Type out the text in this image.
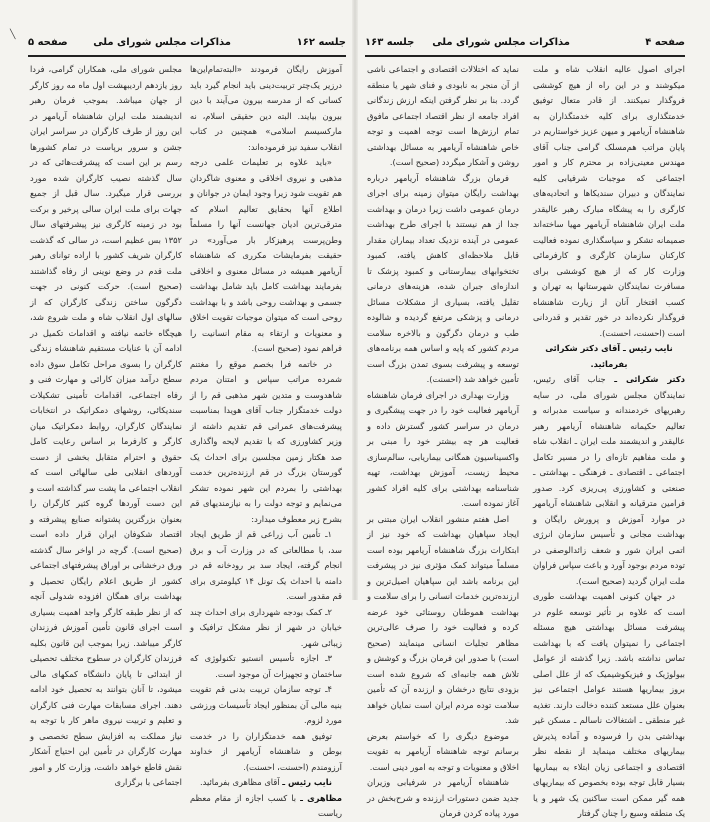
جلسه ۱۶۲
مذاکرات مجلس شورای ملی
صفحه ۵

آموزش رایگان فرمودند «البته‌تمام‌این‌ها درزیر یک‌چتر تربیت‌دینی باید انجام گیرد باید کسانی که از مدرسه بیرون می‌آیند با دین بیرون بیایند. البته دین حقیقی اسلام، نه مارکسیسم اسلامی» همچنین در کتاب انقلاب سفید نیز فرموده‌اند:

«باید علاوه بر تعلیمات علمی درجه مذهبی و نیروی اخلاقی و معنوی شاگردان هم تقویت شود زیرا وجود ایمان در جوانان و اطلاع آنها بحقایق تعالیم اسلام که مترقی‌ترین ادیان جهانست آنها را مسلماً وطن‌پرست پرهیزکار بار می‌آورد» در حقیقت بفرمایشات مکرری که شاهنشاه آریامهر همیشه در مسائل معنوی و اخلاقی بفرمایند بهداشت کامل باید شامل بهداشت جسمی و بهداشت روحی باشد و با بهداشت روحی است که میتوان موجبات تقویت اخلاق و معنویات و ارتقاء به مقام انسانیت را فراهم نمود (صحیح است).

در خاتمه فرا بخصم موقع را مغتنم شمرده مراتب سپاس و امتنان مردم شاهدوست و متدین شهر مذهبی قم را از دولت خدمتگزار جناب آقای هویدا بمناسبت پیشرفت‌های عمرانی قم تقدیم داشته از وزیر کشاورزی که با تقدیم لایحه واگذاری صد هکتار زمین مجلسین برای احداث یک گورستان بزرگ در قم ارزنده‌ترین خدمت بهداشتی را بمردم این شهر نموده تشکر می‌نمایم و توجه دولت را به نیازمندیهای قم بشرح زیر معطوف میدارد:

۱ـ تأمین آب زراعی قم از طریق ایجاد سد، با مطالعاتی که در وزارت آب و برق انجام گرفته، ایجاد سد بر رودخانه قم در دامنه با احداث یک تونل ۱۴ کیلومتری برای قم مقدور است.

۲ـ کمک بودجه شهرداری برای احداث چند خیابان در شهر از نظر مشکل ترافیک و زیبائی شهر.

۳ـ اجازه تأسیس انستیو تکنولوژی که ساختمان و تجهیزات آن موجود است.

۴ـ توجه سازمان تربیت بدنی قم تقویت بنیه مالی آن بمنظور ایجاد تأسیسات ورزشی مورد لزوم.

توفیق همه خدمتگزاران را در خدمت بوطن و شاهنشاه آریامهر از خداوند آرزومندم (احسنت، احسنت).

نایب رئیس ـ آقای مظاهری بفرمائید.

مظاهری ـ با کسب اجازه از مقام معظم ریاست

مجلس شورای ملی، همکاران گرامی، فردا روز یازدهم اردیبهشت اول ماه مه روز کارگر از جهان میباشد. بموجب فرمان رهبر اندیشمند ملت ایران شاهنشاه آریامهر در این روز از طرف کارگران در سراسر ایران جشن و سرور برپاست در تمام کشورها رسم بر این است که پیشرفت‌هائی که در سال گذشته نصیب کارگران شده مورد بررسی قرار میگیرد. سال قبل از جمیع جهات برای ملت ایران سالی پرخیر و برکت بود در زمینه کارگری نیز پیشرفتهای سال ۱۳۵۲ بس عظیم است، در سالی که گذشت کارگران شریف کشور با اراده توانای رهبر ملت قدم در وضع نوینی از رفاه گذاشتند (صحیح است). حرکت کنونی در جهت دگرگون ساختن زندگی کارگران که از سالهای اول انقلاب شاه و ملت شروع شد، هیچگاه خاتمه نیافته و اقدامات تکمیل در ادامه آن با عنایات مستقیم شاهنشاه زندگی کارگران را بسوی مراحل تکامل سوق داده سطح درآمد میزان کارائی و مهارت فنی و رفاه اجتماعی، اقدامات تأمینی تشکیلات سندیکائی، روشهای دمکراتیک در انتخابات نمایندگان کارگران، روابط دمکراتیک میان کارگر و کارفرما بر اساس رعایت کامل حقوق و احترام متقابل بخشی از دست آوردهای انقلابی طی سالهائی است که انقلاب اجتماعی ما پشت سر گذاشته است و این دست آوردها گروه کثیر کارگران را بعنوان بزرگترین پشتوانه صنایع پیشرفته و اقتصاد شکوفان ایران قرار داده است (صحیح است). گرچه در اواخر سال گذشته ورق درخشانی بر اوراق پیشرفتهای اجتماعی کشور از طریق اعلام رایگان تحصیل و بهداشت برای همگان افزوده شدولی آنچه که از نظر طبقه کارگر واجد اهمیت بسیاری است اجرای قانون تأمین آموزش فرزندان کارگر میباشد. زیرا بموجب این قانون بکلیه فرزندان کارگران در سطوح مختلف تحصیلی از ابتدائی تا پایان دانشگاه کمکهای مالی میشود، تا آنان بتوانند به تحصیل خود ادامه دهند. اجرای مسابقات مهارت فنی کارگران و تعلیم و تربیت نیروی ماهر کار با توجه به نیاز مملکت به افزایش سطح تخصصی و مهارت کارگران در تأمین این احتیاج آشکار نقش قاطع خواهد داشت، وزارت کار و امور اجتماعی با برگزاری

صفحه ۴
مذاکرات مجلس شورای ملی
جلسه ۱۶۳

اجرای اصول عالیه انقلاب شاه و ملت میکوشند و در این راه از هیچ کوششی فروگذار نمیکنند. از قادر متعال توفیق خدمتگذاری برای کلیه خدمتگذاران به شاهنشاه آریامهر و میهن عزیز خواستاریم در پایان مراتب هم‌مسلک گرامی جناب آقای مهندس معینی‌زاده بر محترم کار و امور اجتماعی که موجبات شرفیابی کلیه نمایندگان و دبیران سندیکاها و اتحادیه‌های کارگری را به پیشگاه مبارک رهبر عالیقدر ملت ایران شاهنشاه آریامهر مهیا ساخته‌اند صمیمانه تشکر و سپاسگذاری نموده فعالیت کارکنان سازمان کارگری و کارفرمائی وزارت کار که از هیچ کوششی برای مسافرت نمایندگان شهرستانها به تهران و کسب افتخار آنان از زیارت شاهنشاه فروگذار نکرده‌اند در خور تقدیر و قدردانی است (احسنت، احسنت).

نایب رئیس ـ آقای دکتر شکرائی بفرمائید.

دکتر شکرائی ـ جناب آقای رئیس، نمایندگان مجلس شورای ملی، در سایه رهبریهای خردمندانه و سیاست مدبرانه و تعالیم حکیمانه شاهنشاه آریامهر رهبر عالیقدر و اندیشمند ملت ایران ـ انقلاب شاه و ملت مفاهیم تازه‌ای را در مسیر تکامل اجتماعی ـ اقتصادی ـ فرهنگی ـ بهداشتی ـ صنعتی و کشاورزی پی‌ریزی کرد. صدور فرامین مترقیانه و انقلابی شاهنشاه آریامهر در موارد آموزش و پرورش رایگان و بهداشت مجانی و تأسیس سازمان انرژی اتمی ایران شور و شعف زائدالوصفی در توده مردم بوجود آورد و باعث سپاس فراوان ملت ایران گردید (صحیح است).

در جهان کنونی اهمیت بهداشت طوری است که علاوه بر تأثیر توسعه علوم در پیشرفت مسائل بهداشتی هیچ مسئله اجتماعی را نمیتوان یافت که با بهداشت تماس نداشته باشد. زیرا گذشته از عوامل بیولوژیک و فیزیکوشیمیک که از علل اصلی بروز بیماریها هستند عوامل اجتماعی نیز بعنوان علل مستعد کننده دخالت دارند. تغذیه غیر منطقی ـ اشتغالات ناسالم ـ مسکن غیر بهداشتی بدن را فرسوده و آماده پذیرش بیماریهای مختلف مینماید از نقطه نظر اقتصادی و اجتماعی زیان ابتلاء به بیماریها بسیار قابل توجه بوده بخصوص که بیماریهای همه گیر ممکن است ساکنین یک شهر و یا یک منطقه وسیع را چنان گرفتار

نماید که اختلالات اقتصادی و اجتماعی ناشی از آن منجر به نابودی و فنای شهر یا منطقه گردد. بنا بر نظر گرفتن اینکه ارزش زندگانی افراد جامعه از نظر اقتصاد اجتماعی مافوق تمام ارزش‌ها است توجه اهمیت و توجه خاص شاهنشاه آریامهر به مسائل بهداشتی روشن و آشکار میگردد (صحیح است).

فرمان بزرگ شاهنشاه آریامهر درباره بهداشت رایگان میتوان زمینه برای اجرای درمان عمومی داشت زیرا درمان و بهداشت جدا از هم نیستند با اجرای طرح بهداشت عمومی در آینده نزدیک تعداد بیماران مقدار قابل ملاحظه‌ای کاهش یافته، کمبود تختخوابهای بیمارستانی و کمبود پزشک تا اندازه‌ای جبران شده، هزینه‌های درمانی تقلیل یافته، بسیاری از مشکلات مسائل درمانی و پزشکی مرتفع گردیده و شالوده طب و درمان دگرگون و بالاخره سلامت مردم کشور که پایه و اساس همه برنامه‌های توسعه و پیشرفت بسوی تمدن بزرگ است تأمین خواهد شد (احسنت).

وزارت بهداری در اجرای فرمان شاهنشاه آریامهر فعالیت خود را در جهت پیشگیری و درمان در سراسر کشور گسترش داده و فعالیت هر چه بیشتر خود را مبنی بر واکسیناسیون همگانی بیماریابی، سالم‌سازی محیط زیست، آموزش بهداشت، تهیه شناسنامه بهداشتی برای کلیه افراد کشور آغاز نموده است.

اصل هفتم منشور انقلاب ایران مبتنی بر ایجاد سپاهیان بهداشت که خود نیز از ابتکارات بزرگ شاهنشاه آریامهر بوده است مسلماً میتواند کمک مؤثری نیز در پیشرفت این برنامه باشد این سپاهیان اصیل‌ترین و ارزنده‌ترین خدمات انسانی را برای سلامت و بهداشت هموطنان روستائی خود عرضه کرده و فعالیت خود را صرف عالی‌ترین مظاهر تجلیات انسانی مینمایند (صحیح است) با صدور این فرمان بزرگ و کوشش و تلاش همه جانبه‌ای که شروع شده است بزودی نتایج درخشان و ارزنده آن که تأمین سلامت توده مردم ایران است نمایان خواهد شد.

موضوع دیگری را که خواستم بعرض برسانم توجه شاهنشاه آریامهر به تقویت اخلاق و معنویات و توجه به امور دینی است.

شاهنشاه آریامهر در شرفیابی وزیران جدید ضمن دستورات ارزنده و شرح‌بخش در مورد پیاده کردن فرمان

╲
